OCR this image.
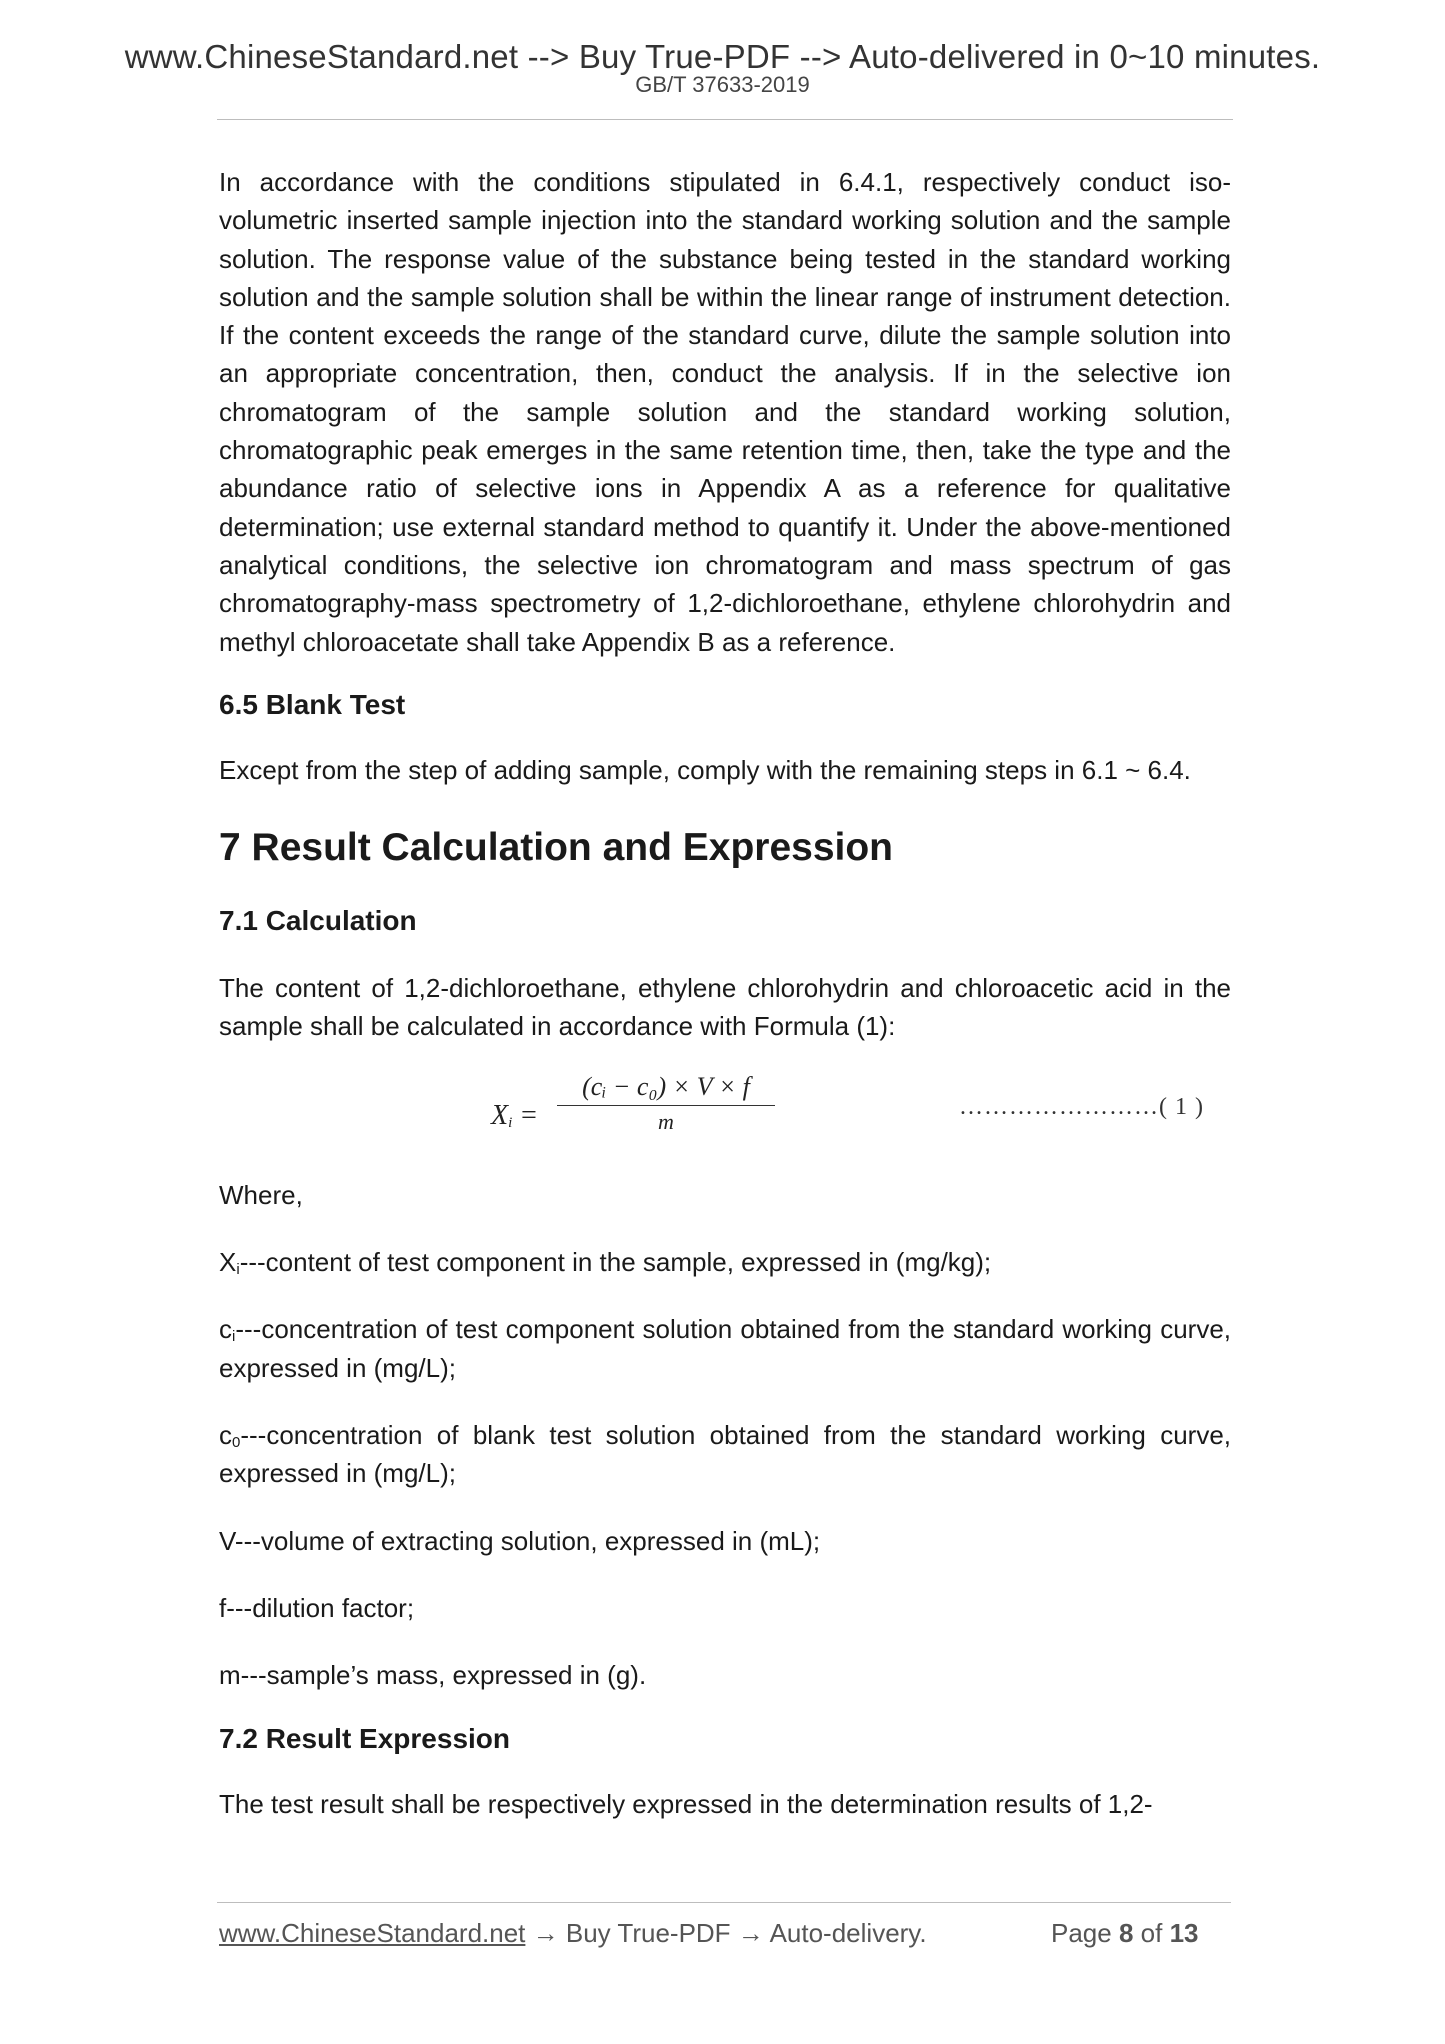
www.ChineseStandard.net --> Buy True-PDF --> Auto-delivered in 0~10 minutes.
GB/T 37633-2019

In accordance with the conditions stipulated in 6.4.1, respectively conduct iso-volumetric inserted sample injection into the standard working solution and the sample solution. The response value of the substance being tested in the standard working solution and the sample solution shall be within the linear range of instrument detection. If the content exceeds the range of the standard curve, dilute the sample solution into an appropriate concentration, then, conduct the analysis. If in the selective ion chromatogram of the sample solution and the standard working solution, chromatographic peak emerges in the same retention time, then, take the type and the abundance ratio of selective ions in Appendix A as a reference for qualitative determination; use external standard method to quantify it. Under the above-mentioned analytical conditions, the selective ion chromatogram and mass spectrum of gas chromatography-mass spectrometry of 1,2-dichloroethane, ethylene chlorohydrin and methyl chloroacetate shall take Appendix B as a reference.

6.5 Blank Test

Except from the step of adding sample, comply with the remaining steps in 6.1 ~ 6.4.

7 Result Calculation and Expression
7.1 Calculation

The content of 1,2-dichloroethane, ethylene chlorohydrin and chloroacetic acid in the sample shall be calculated in accordance with Formula (1):

$X_i$ =
(cᵢ − c₀) × V × f
m
……………………( 1 )

Where,

$X_i--$-content of test component in the sample, expressed in (mg/kg);

$c_i--$-concentration of test component solution obtained from the standard working curve, expressed in (mg/L);

$c_0--$-concentration of blank test solution obtained from the standard working curve, expressed in (mg/L);

V---volume of extracting solution, expressed in (mL);

f---dilution factor;

m---sample’s mass, expressed in (g).

7.2 Result Expression

The test result shall be respectively expressed in the determination results of 1,2-

www.ChineseStandard.net → Buy True-PDF → Auto-delivery.	Page 8 of 13
